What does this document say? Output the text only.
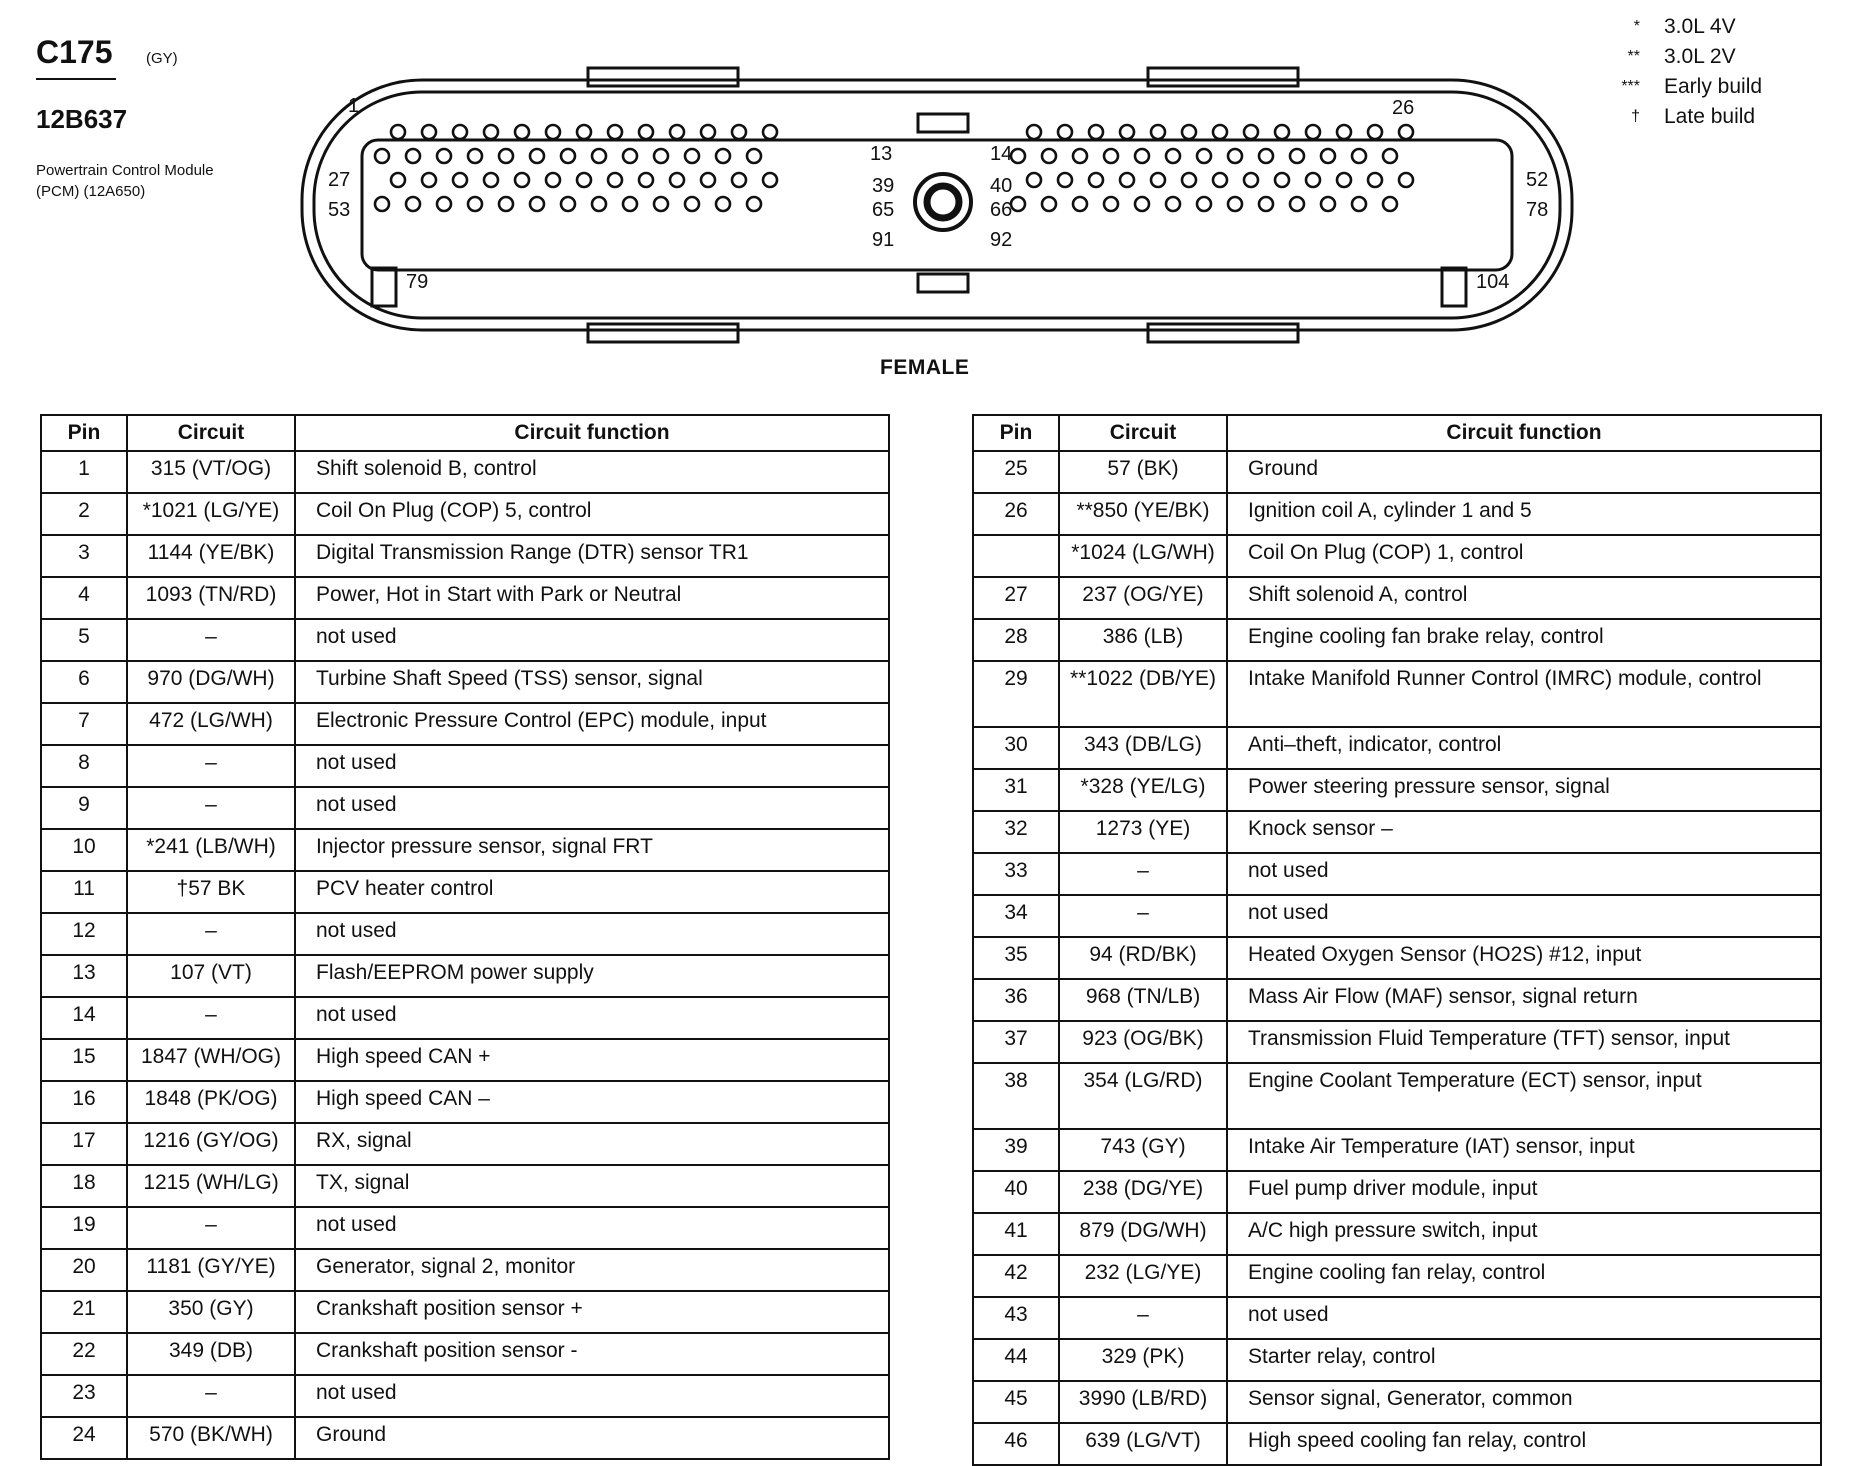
C175 (GY)
12B637
Powertrain Control Module
(PCM) (12A650)
* 3.0L 4V
** 3.0L 2V
*** Early build
† Late build
1	26
13	14
27	39	40	52
53	65	66	78
91	92
79	104
FEMALE
Pin	Circuit	Circuit function
1	315 (VT/OG)	Shift solenoid B, control
2	*1021 (LG/YE)	Coil On Plug (COP) 5, control
3	1144 (YE/BK)	Digital Transmission Range (DTR) sensor TR1
4	1093 (TN/RD)	Power, Hot in Start with Park or Neutral
5	–	not used
6	970 (DG/WH)	Turbine Shaft Speed (TSS) sensor, signal
7	472 (LG/WH)	Electronic Pressure Control (EPC) module, input
8	–	not used
9	–	not used
10	*241 (LB/WH)	Injector pressure sensor, signal FRT
11	†57 BK	PCV heater control
12	–	not used
13	107 (VT)	Flash/EEPROM power supply
14	–	not used
15	1847 (WH/OG)	High speed CAN +
16	1848 (PK/OG)	High speed CAN –
17	1216 (GY/OG)	RX, signal
18	1215 (WH/LG)	TX, signal
19	–	not used
20	1181 (GY/YE)	Generator, signal 2, monitor
21	350 (GY)	Crankshaft position sensor +
22	349 (DB)	Crankshaft position sensor -
23	–	not used
24	570 (BK/WH)	Ground
Pin	Circuit	Circuit function
25	57 (BK)	Ground
26	**850 (YE/BK)	Ignition coil A, cylinder 1 and 5
	*1024 (LG/WH)	Coil On Plug (COP) 1, control
27	237 (OG/YE)	Shift solenoid A, control
28	386 (LB)	Engine cooling fan brake relay, control
29	**1022 (DB/YE)	Intake Manifold Runner Control (IMRC) module, control
30	343 (DB/LG)	Anti–theft, indicator, control
31	*328 (YE/LG)	Power steering pressure sensor, signal
32	1273 (YE)	Knock sensor –
33	–	not used
34	–	not used
35	94 (RD/BK)	Heated Oxygen Sensor (HO2S) #12, input
36	968 (TN/LB)	Mass Air Flow (MAF) sensor, signal return
37	923 (OG/BK)	Transmission Fluid Temperature (TFT) sensor, input
38	354 (LG/RD)	Engine Coolant Temperature (ECT) sensor, input
39	743 (GY)	Intake Air Temperature (IAT) sensor, input
40	238 (DG/YE)	Fuel pump driver module, input
41	879 (DG/WH)	A/C high pressure switch, input
42	232 (LG/YE)	Engine cooling fan relay, control
43	–	not used
44	329 (PK)	Starter relay, control
45	3990 (LB/RD)	Sensor signal, Generator, common
46	639 (LG/VT)	High speed cooling fan relay, control
